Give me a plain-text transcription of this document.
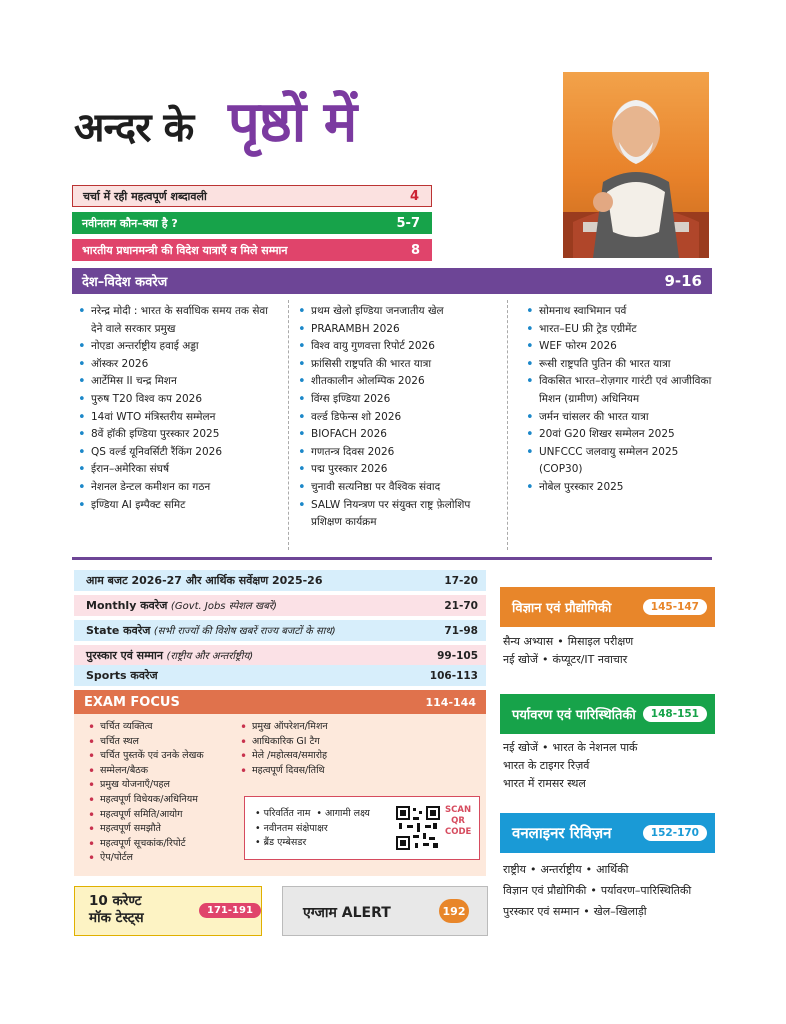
अन्दर के पृष्ठों में
चर्चा में रही महत्वपूर्ण शब्दावली	4
नवीनतम कौन–क्या है ?	5-7
भारतीय प्रधानमन्त्री की विदेश यात्राएँ व मिले सम्मान	8
देश–विदेश कवरेज	9-16
• नरेन्द्र मोदी : भारत के सर्वाधिक समय तक सेवा देने वाले सरकार प्रमुख
• नोएडा अन्तर्राष्ट्रीय हवाई अड्डा
• ऑस्कर 2026
• आर्टेमिस II चन्द्र मिशन
• पुरुष T20 विश्व कप 2026
• 14वां WTO मंत्रिस्तरीय सम्मेलन
• 8वें हॉकी इण्डिया पुरस्कार 2025
• QS वर्ल्ड यूनिवर्सिटी रैंकिंग 2026
• ईरान–अमेरिका संघर्ष
• नेशनल डेन्टल कमीशन का गठन
• इण्डिया AI इम्पैक्ट समिट
• प्रथम खेलो इण्डिया जनजातीय खेल
• PRARAMBH 2026
• विश्व वायु गुणवत्ता रिपोर्ट 2026
• फ्रांसिसी राष्ट्रपति की भारत यात्रा
• शीतकालीन ओलम्पिक 2026
• विंग्स इण्डिया 2026
• वर्ल्ड डिफेन्स शो 2026
• BIOFACH 2026
• गणतन्त्र दिवस 2026
• पद्म पुरस्कार 2026
• चुनावी सत्यनिष्ठा पर वैश्विक संवाद
• SALW नियन्त्रण पर संयुक्त राष्ट्र फ़ेलोशिप प्रशिक्षण कार्यक्रम
• सोमनाथ स्वाभिमान पर्व
• भारत–EU फ्री ट्रेड एग्रीमेंट
• WEF फोरम 2026
• रूसी राष्ट्रपति पुतिन की भारत यात्रा
• विकसित भारत–रोज़गार गारंटी एवं आजीविका मिशन (ग्रामीण) अधिनियम
• जर्मन चांसलर की भारत यात्रा
• 20वां G20 शिखर सम्मेलन 2025
• UNFCCC जलवायु सम्मेलन 2025 (COP30)
• नोबेल पुरस्कार 2025
आम बजट 2026-27 और आर्थिक सर्वेक्षण 2025-26	17-20
Monthly कवरेज (Govt. Jobs स्पेशल खबरें)	21-70
State कवरेज (सभी राज्यों की विशेष खबरें राज्य बजटों के साथ)	71-98
पुरस्कार एवं सम्मान (राष्ट्रीय और अन्तर्राष्ट्रीय)	99-105
Sports कवरेज	106-113
EXAM FOCUS	114-144
• चर्चित व्यक्तित्व
• चर्चित स्थल
• चर्चित पुस्तकें एवं उनके लेखक
• सम्मेलन/बैठक
• प्रमुख योजनाएँ/पहल
• महत्वपूर्ण विधेयक/अधिनियम
• महत्वपूर्ण समिति/आयोग
• महत्वपूर्ण समझौते
• महत्वपूर्ण सूचकांक/रिपोर्ट
• ऐप/पोर्टल
• प्रमुख ऑपरेशन/मिशन
• आधिकारिक GI टैग
• मेले /महोत्सव/समारोह
• महत्वपूर्ण दिवस/तिथि
• परिवर्तित नाम • आगामी लक्ष्य
• नवीनतम संक्षेपाक्षर
• ब्रैंड एम्बेसडर
SCAN
QR
CODE
10 करेण्ट
मॉक टेस्ट्स	171-191	एग्जाम ALERT	192
विज्ञान एवं प्रौद्योगिकी	145-147
सैन्य अभ्यास • मिसाइल परीक्षण
नई खोजें • कंप्यूटर/IT नवाचार
पर्यावरण एवं पारिस्थितिकी	148-151
नई खोजें • भारत के नेशनल पार्क
भारत के टाइगर रिज़र्व
भारत में रामसर स्थल
वनलाइनर रिविज़न	152-170
राष्ट्रीय • अन्तर्राष्ट्रीय • आर्थिकी
विज्ञान एवं प्रौद्योगिकी • पर्यावरण–पारिस्थितिकी
पुरस्कार एवं सम्मान • खेल–खिलाड़ी
